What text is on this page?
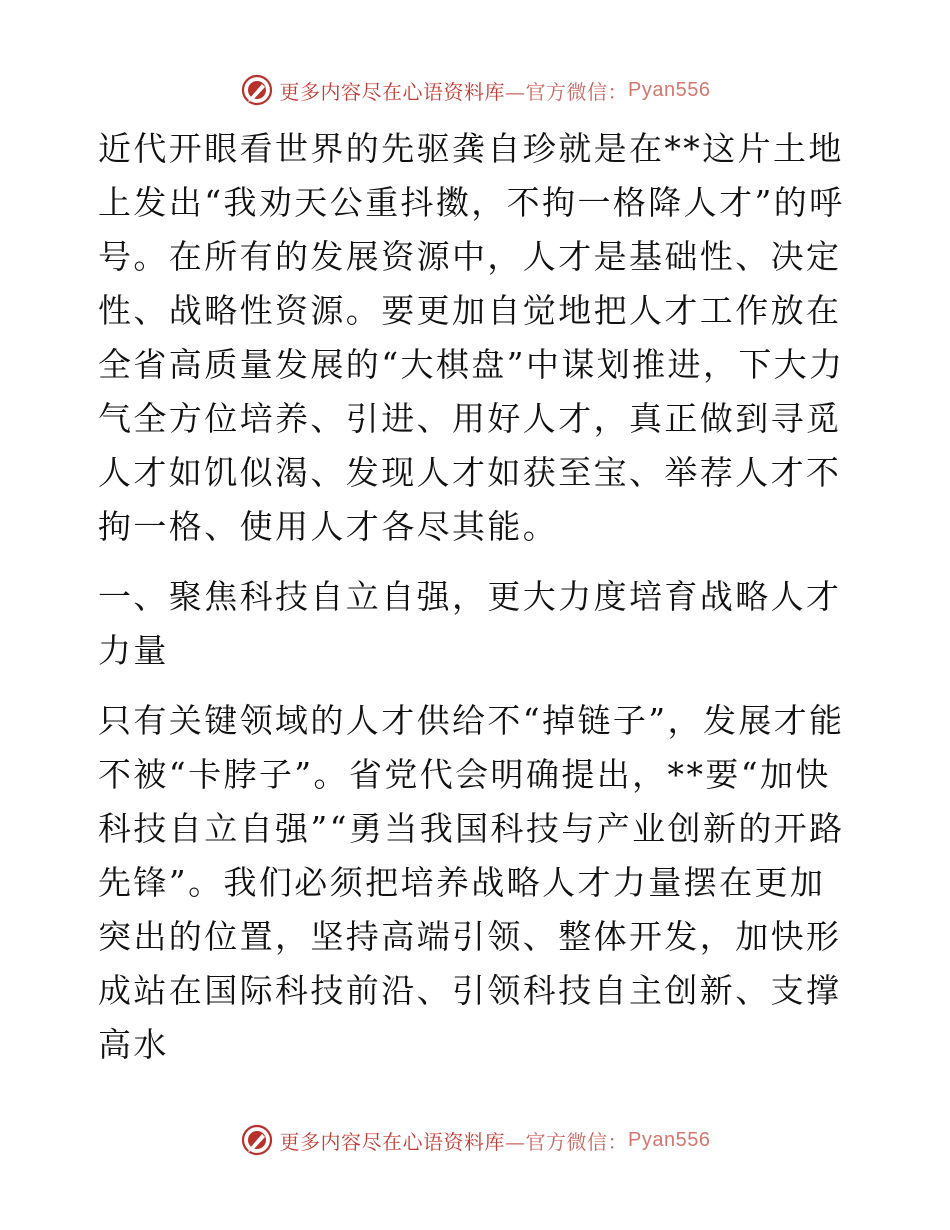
更多内容尽在心语资料库 —官方微信： Pyan556

近代开眼看世界的先驱龚自珍就是在**这片土地上发出“我劝天公重抖擞，不拘一格降人才”的呼号。在所有的发展资源中，人才是基础性、决定性、战略性资源。要更加自觉地把人才工作放在全省高质量发展的“大棋盘”中谋划推进，下大力气全方位培养、引进、用好人才，真正做到寻觅人才如饥似渴、发现人才如获至宝、举荐人才不拘一格、使用人才各尽其能。

一、聚焦科技自立自强，更大力度培育战略人才力量

只有关键领域的人才供给不“掉链子”，发展才能不被“卡脖子”。省党代会明确提出，**要“加快科技自立自强”“勇当我国科技与产业创新的开路先锋”。我们必须把培养战略人才力量摆在更加突出的位置，坚持高端引领、整体开发，加快形成站在国际科技前沿、引领科技自主创新、支撑高水

更多内容尽在心语资料库 —官方微信： Pyan556
